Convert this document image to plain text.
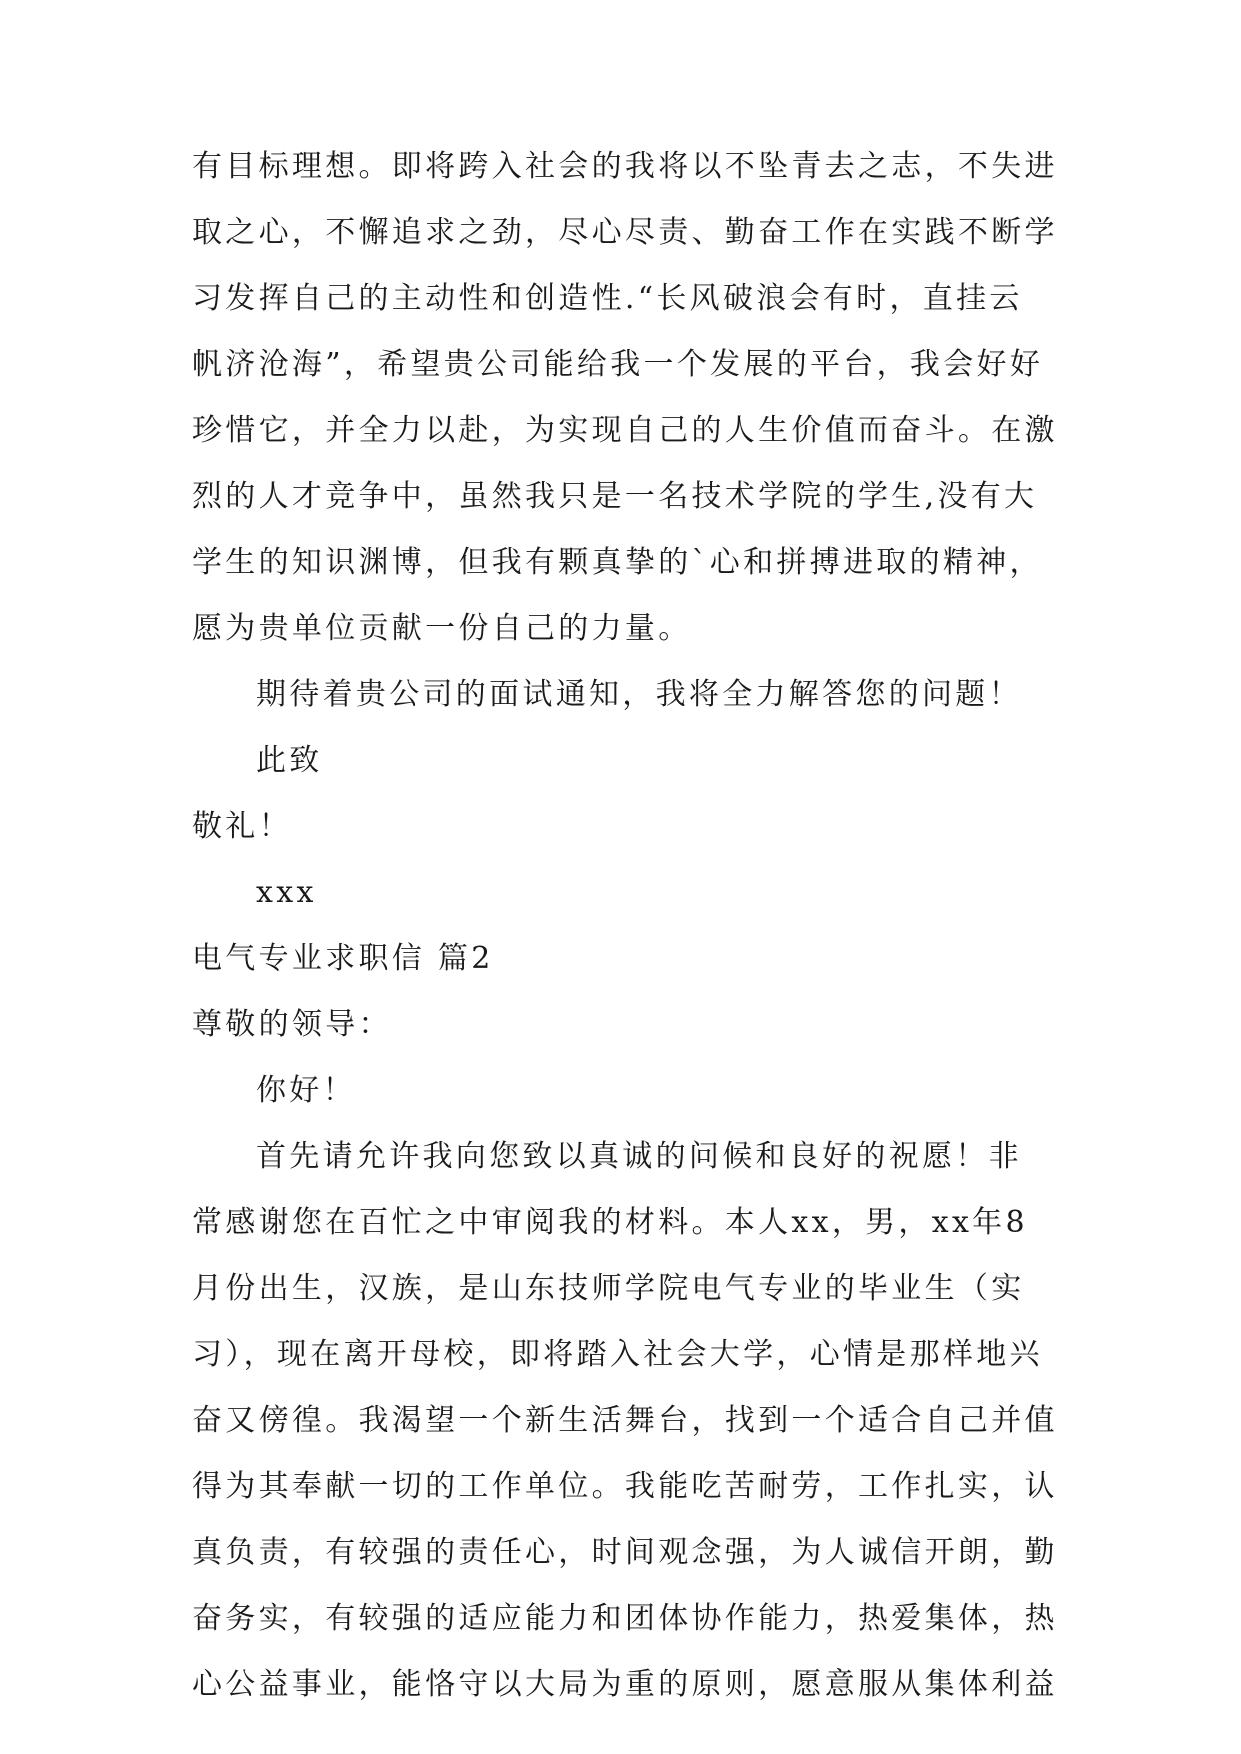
有目标理想。即将跨入社会的我将以不坠青去之志，不失进
取之心，不懈追求之劲，尽心尽责、勤奋工作在实践不断学
习发挥自己的主动性和创造性.“长风破浪会有时，直挂云
帆济沧海”，希望贵公司能给我一个发展的平台，我会好好
珍惜它，并全力以赴，为实现自己的人生价值而奋斗。在激
烈的人才竞争中，虽然我只是一名技术学院的学生,没有大
学生的知识渊博，但我有颗真挚的`心和拼搏进取的精神，
愿为贵单位贡献一份自己的力量。
期待着贵公司的面试通知，我将全力解答您的问题！
此致
敬礼！
xxx
电气专业求职信 篇2
尊敬的领导：
你好！
首先请允许我向您致以真诚的问候和良好的祝愿！非
常感谢您在百忙之中审阅我的材料。本人xx，男，xx年8
月份出生，汉族，是山东技师学院电气专业的毕业生（实
习），现在离开母校，即将踏入社会大学，心情是那样地兴
奋又傍徨。我渴望一个新生活舞台，找到一个适合自己并值
得为其奉献一切的工作单位。我能吃苦耐劳，工作扎实，认
真负责，有较强的责任心，时间观念强，为人诚信开朗，勤
奋务实，有较强的适应能力和团体协作能力，热爱集体，热
心公益事业，能恪守以大局为重的原则，愿意服从集体利益
